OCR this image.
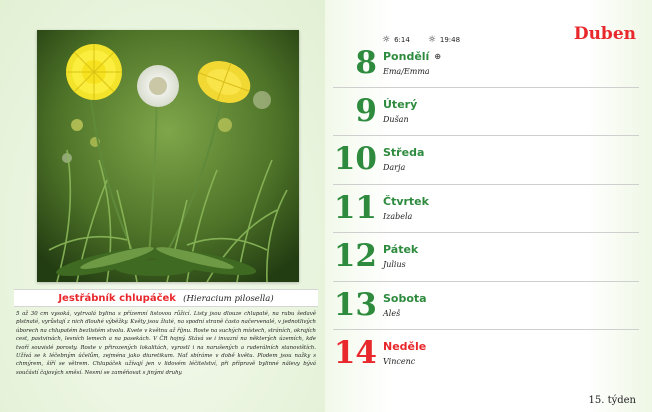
Jestřábník chlupáček (Hieracium pilosella)
5 až 30 cm vysoká, vytrvalá bylina s přízemní listovou růžicí. Listy jsou dlouze chlupaté, na rubu šedavě plstnaté, vyrůstají z nich dlouhé výběžky. Květy jsou žluté, na spodní straně často načervenalé, v jednotlivých úborech na chlupatém bezlistém stvolu. Kvete v květnu až říjnu. Roste na suchých místech, stráních, okrajích cest, pastvinách, lesních lemech a na pasekách. V ČR hojný. Stává se i invazní na některých územích, kde tvoří souvislé porosty. Roste v přirozených lokalitách, vyrostl i na narušených a ruderálních stanovištích. Užívá se k léčebným účelům, zejména jako diuretikum. Nať sbíráme v době květu. Plodem jsou nažky s chmýrem, šíří se větrem. Chlupáček užívají jen v lidovém léčitelství, při přípravě bylinné nálevy bývá součástí čajových směsí. Nesmí se zaměňovat s jinými druhy.
☼ 6:14 ☼ 19:48	Duben
8 Pondělí ⊕
Ema/Emma
9 Úterý
Dušan
10 Středa
Darja
11 Čtvrtek
Izabela
12 Pátek
Julius
13 Sobota
Aleš
14 Neděle
Vincenc
15. týden
